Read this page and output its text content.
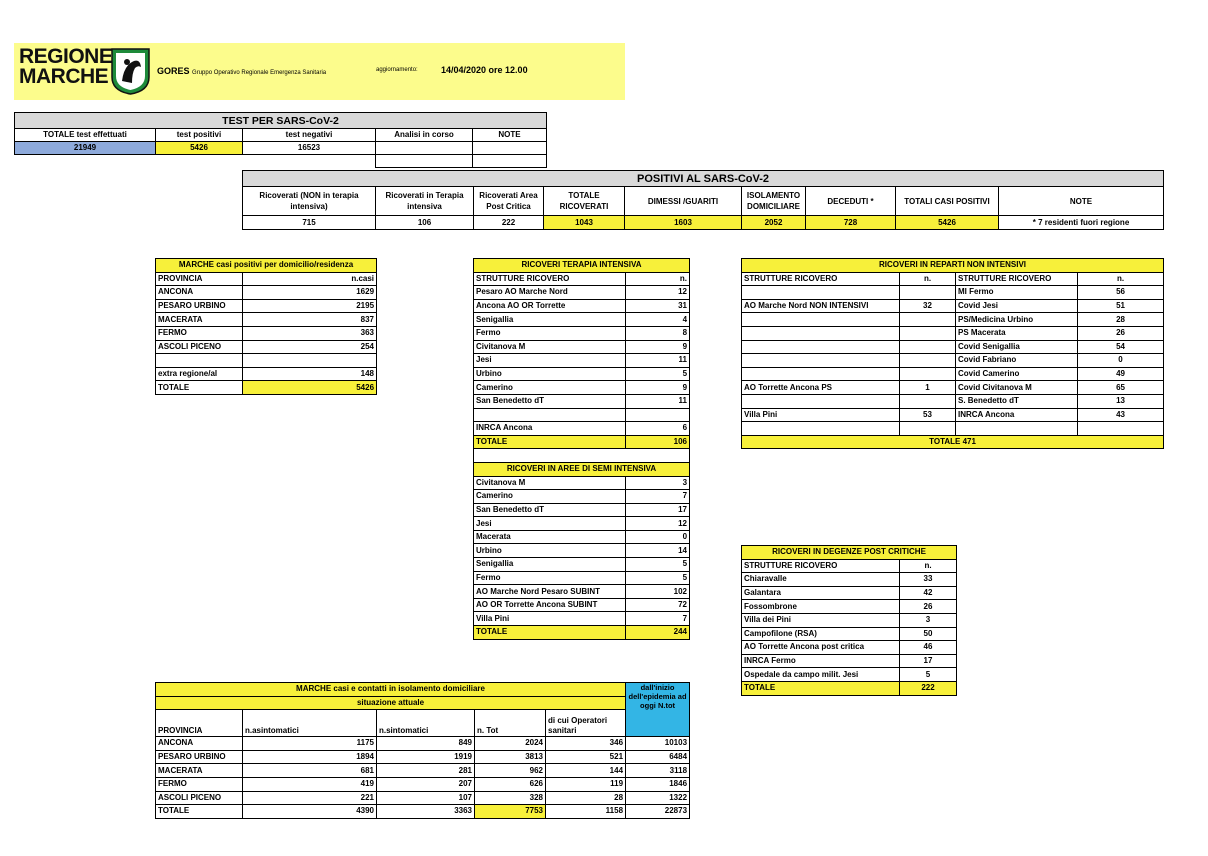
REGIONE
MARCHE	GORES Gruppo Operativo Regionale Emergenza Sanitaria	aggiornamento:	14/04/2020 ore 12.00
TEST PER SARS-CoV-2				
TOTALE test effettuati	test positivi	test negativi	Analisi in corso	NOTE
21949	5426	16523		

POSITIVI AL SARS-CoV-2								
Ricoverati (NON in terapia intensiva)	Ricoverati in Terapia intensiva	Ricoverati Area Post Critica	TOTALE RICOVERATI	DIMESSI /GUARITI	ISOLAMENTO DOMICILIARE	DECEDUTI *	TOTALI CASI POSITIVI	NOTE
715	106	222	1043	1603	2052	728	5426	* 7 residenti fuori regione
MARCHE casi positivi per domicilio/residenza	
PROVINCIA	n.casi
ANCONA	1629
PESARO URBINO	2195
MACERATA	837
FERMO	363
ASCOLI PICENO	254

extra regione/al	148
TOTALE	5426
RICOVERI TERAPIA INTENSIVA	
STRUTTURE RICOVERO	n.
Pesaro AO Marche Nord	12
Ancona AO OR Torrette	31
Senigallia	4
Fermo	8
Civitanova M	9
Jesi	11
Urbino	5
Camerino	9
San Benedetto dT	11

INRCA Ancona	6
TOTALE	106

RICOVERI IN AREE DI SEMI INTENSIVA	
Civitanova M	3
Camerino	7
San Benedetto dT	17
Jesi	12
Macerata	0
Urbino	14
Senigallia	5
Fermo	5
AO Marche Nord Pesaro SUBINT	102
AO OR Torrette Ancona SUBINT	72
Villa Pini	7
TOTALE	244
RICOVERI IN REPARTI NON INTENSIVI			
STRUTTURE RICOVERO	n.	STRUTTURE RICOVERO	n.
		MI Fermo	56
AO Marche Nord NON INTENSIVI	32	Covid Jesi	51
		PS/Medicina Urbino	28
		PS Macerata	26
		Covid Senigallia	54
		Covid Fabriano	0
		Covid Camerino	49
AO Torrette Ancona PS	1	Covid Civitanova M	65
		S. Benedetto dT	13
Villa Pini	53	INRCA Ancona	43

TOTALE 471			
RICOVERI IN DEGENZE POST CRITICHE	
STRUTTURE RICOVERO	n.
Chiaravalle	33
Galantara	42
Fossombrone	26
Villa dei Pini	3
Campofilone (RSA)	50
AO Torrette Ancona post critica	46
INRCA Fermo	17
Ospedale da campo milit. Jesi	5
TOTALE	222
MARCHE casi e contatti in isolamento domiciliare					dall'inizio dell'epidemia ad oggi N.tot
situazione attuale					
PROVINCIA	n.asintomatici	n.sintomatici	n. Tot	di cui Operatori sanitari	
ANCONA	1175	849	2024	346	10103
PESARO URBINO	1894	1919	3813	521	6484
MACERATA	681	281	962	144	3118
FERMO	419	207	626	119	1846
ASCOLI PICENO	221	107	328	28	1322
TOTALE	4390	3363	7753	1158	22873
